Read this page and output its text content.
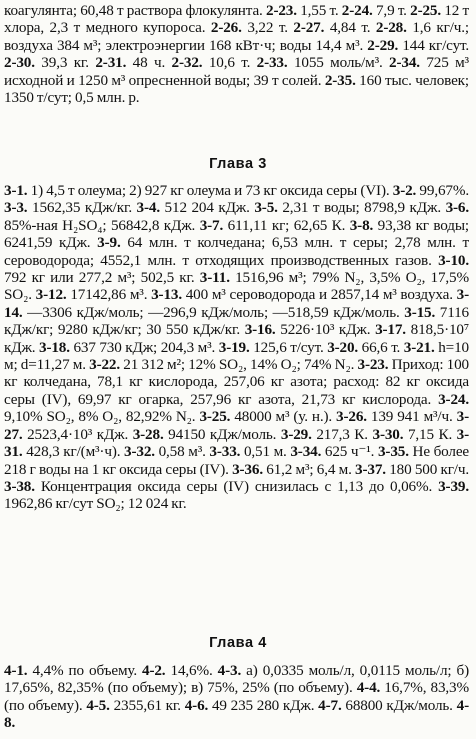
коагулянта; 60,48 т раствора флокулянта. 2-23. 1,55 т. 2-24. 7,9 т. 2-25. 12 т хлора, 2,3 т медного купороса. 2-26. 3,22 т. 2-27. 4,84 т. 2-28. 1,6 кг/ч.; воздуха 384 м³; электроэнергии 168 кВт·ч; воды 14,4 м³. 2-29. 144 кг/сут. 2-30. 39,3 кг. 2-31. 48 ч. 2-32. 10,6 т. 2-33. 1055 моль/м³. 2-34. 725 м³ исходной и 1250 м³ опресненной воды; 39 т солей. 2-35. 160 тыс. человек; 1350 т/сут; 0,5 млн. р.

Глава 3

3-1. 1) 4,5 т олеума; 2) 927 кг олеума и 73 кг оксида серы (VI). 3-2. 99,67%. 3-3. 1562,35 кДж/кг. 3-4. 512 204 кДж. 3-5. 2,31 т воды; 8798,9 кДж. 3-6. 85%-ная H₂SO₄; 56842,8 кДж. 3-7. 611,11 кг; 62,65 К. 3-8. 93,38 кг воды; 6241,59 кДж. 3-9. 64 млн. т колчедана; 6,53 млн. т серы; 2,78 млн. т сероводорода; 4552,1 млн. т отходящих производственных газов. 3-10. 792 кг или 277,2 м³; 502,5 кг. 3-11. 1516,96 м³; 79% N₂, 3,5% O₂, 17,5% SO₂. 3-12. 17142,86 м³. 3-13. 400 м³ сероводорода и 2857,14 м³ воздуха. 3-14. —3306 кДж/моль; —296,9 кДж/моль; —518,59 кДж/моль. 3-15. 7116 кДж/кг; 9280 кДж/кг; 30 550 кДж/кг. 3-16. 5226·10³ кДж. 3-17. 818,5·10⁷ кДж. 3-18. 637 730 кДж; 204,3 м³. 3-19. 125,6 т/сут. 3-20. 66,6 т. 3-21. h=10 м; d=11,27 м. 3-22. 21 312 м²; 12% SO₂, 14% O₂; 74% N₂. 3-23. Приход: 100 кг колчедана, 78,1 кг кислорода, 257,06 кг азота; расход: 82 кг оксида серы (IV), 69,97 кг огарка, 257,96 кг азота, 21,73 кг кислорода. 3-24. 9,10% SO₂, 8% O₂, 82,92% N₂. 3-25. 48000 м³ (у. н.). 3-26. 139 941 м³/ч. 3-27. 2523,4·10³ кДж. 3-28. 94150 кДж/моль. 3-29. 217,3 К. 3-30. 7,15 К. 3-31. 428,3 кг/(м³·ч). 3-32. 0,58 м³. 3-33. 0,51 м. 3-34. 625 ч⁻¹. 3-35. Не более 218 г воды на 1 кг оксида серы (IV). 3-36. 61,2 м³; 6,4 м. 3-37. 180 500 кг/ч. 3-38. Концентрация оксида серы (IV) снизилась с 1,13 до 0,06%. 3-39. 1962,86 кг/сут SO₂; 12 024 кг.

Глава 4

4-1. 4,4% по объему. 4-2. 14,6%. 4-3. а) 0,0335 моль/л, 0,0115 моль/л; б) 17,65%, 82,35% (по объему); в) 75%, 25% (по объему). 4-4. 16,7%, 83,3% (по объему). 4-5. 2355,61 кг. 4-6. 49 235 280 кДж. 4-7. 68800 кДж/моль. 4-8.
